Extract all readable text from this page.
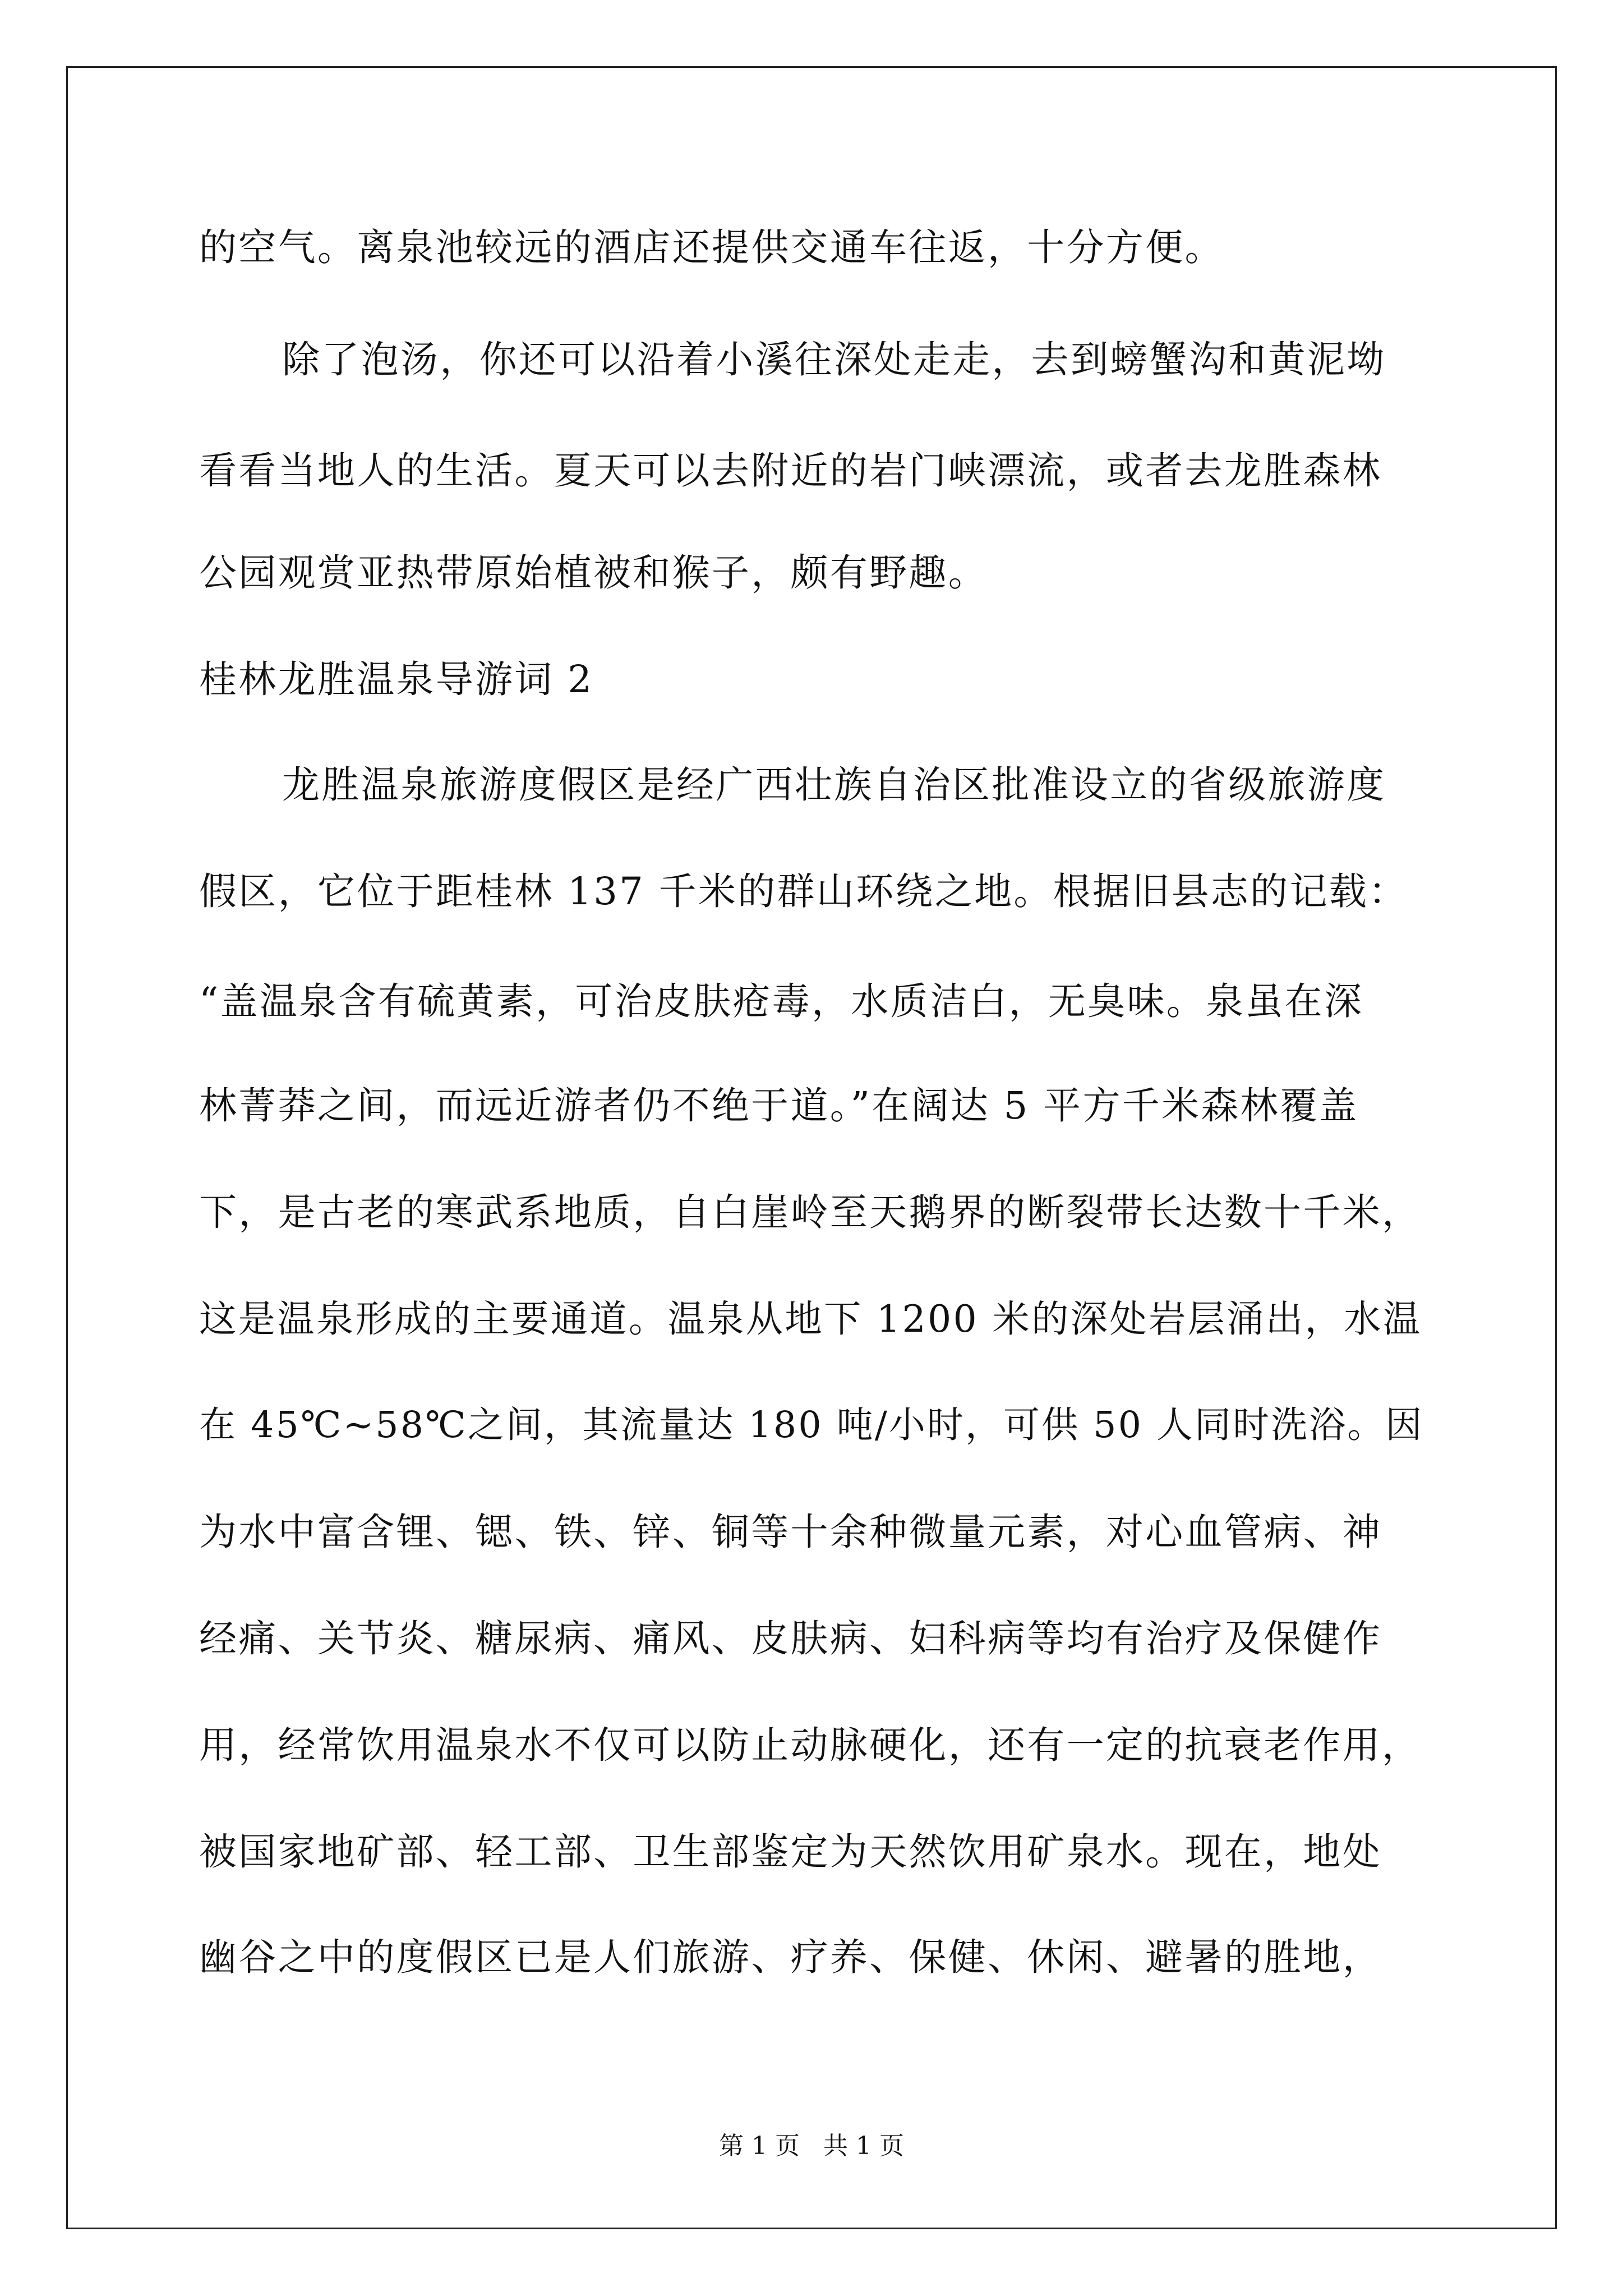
的空气。离泉池较远的酒店还提供交通车往返，十分方便。
除了泡汤，你还可以沿着小溪往深处走走，去到螃蟹沟和黄泥坳
看看当地人的生活。夏天可以去附近的岩门峡漂流，或者去龙胜森林
公园观赏亚热带原始植被和猴子，颇有野趣。
桂林龙胜温泉导游词 2
龙胜温泉旅游度假区是经广西壮族自治区批准设立的省级旅游度
假区，它位于距桂林 137 千米的群山环绕之地。根据旧县志的记载：
“盖温泉含有硫黄素，可治皮肤疮毒，水质洁白，无臭味。泉虽在深
林菁莽之间，而远近游者仍不绝于道。”在阔达 5 平方千米森林覆盖
下，是古老的寒武系地质，自白崖岭至天鹅界的断裂带长达数十千米，
这是温泉形成的主要通道。温泉从地下 1200 米的深处岩层涌出，水温
在 45℃~58℃之间，其流量达 180 吨/小时，可供 50 人同时洗浴。因
为水中富含锂、锶、铁、锌、铜等十余种微量元素，对心血管病、神
经痛、关节炎、糖尿病、痛风、皮肤病、妇科病等均有治疗及保健作
用，经常饮用温泉水不仅可以防止动脉硬化，还有一定的抗衰老作用，
被国家地矿部、轻工部、卫生部鉴定为天然饮用矿泉水。现在，地处
幽谷之中的度假区已是人们旅游、疗养、保健、休闲、避暑的胜地，
第 1 页   共 1 页
